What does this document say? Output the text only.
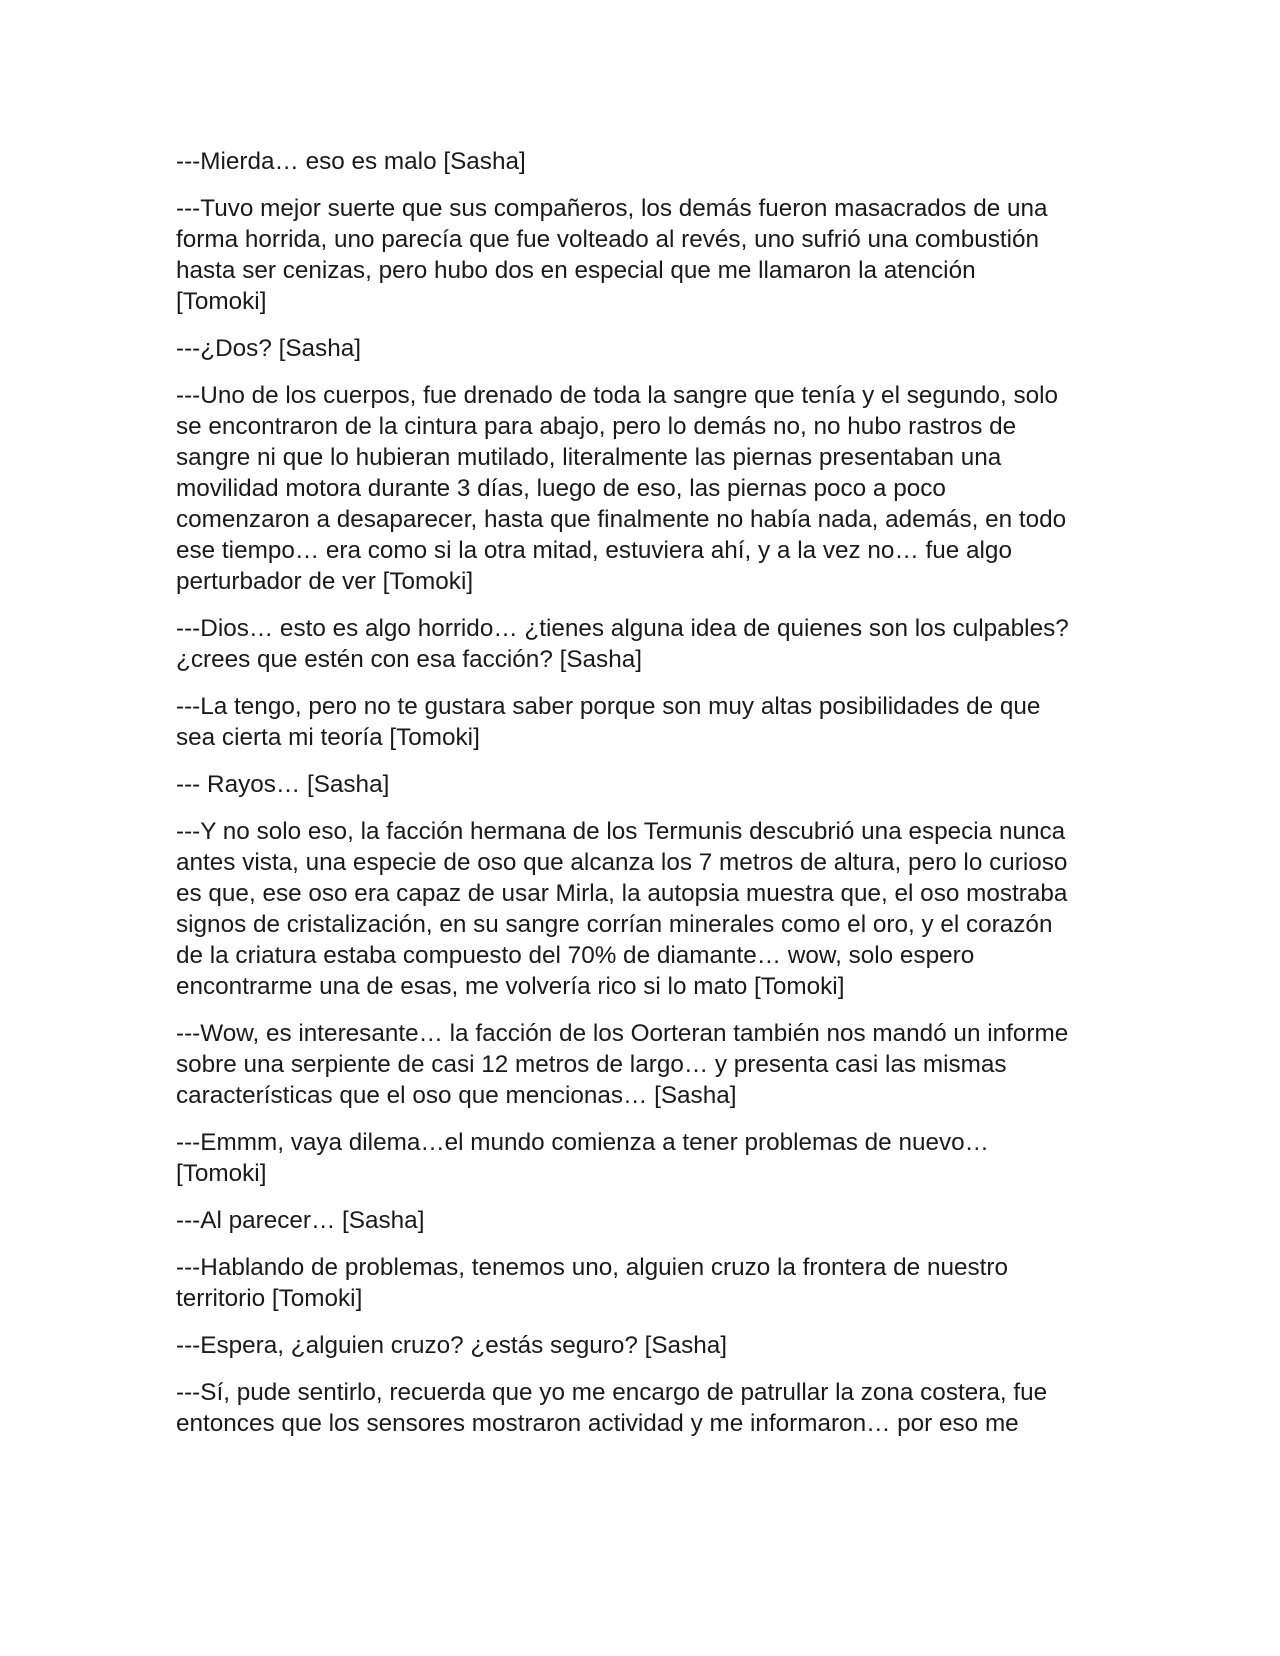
---Mierda… eso es malo [Sasha]

---Tuvo mejor suerte que sus compañeros, los demás fueron masacrados de una
forma horrida, uno parecía que fue volteado al revés, uno sufrió una combustión
hasta ser cenizas, pero hubo dos en especial que me llamaron la atención
[Tomoki]

---¿Dos? [Sasha]

---Uno de los cuerpos, fue drenado de toda la sangre que tenía y el segundo, solo
se encontraron de la cintura para abajo, pero lo demás no, no hubo rastros de
sangre ni que lo hubieran mutilado, literalmente las piernas presentaban una
movilidad motora durante 3 días, luego de eso, las piernas poco a poco
comenzaron a desaparecer, hasta que finalmente no había nada, además, en todo
ese tiempo… era como si la otra mitad, estuviera ahí, y a la vez no… fue algo
perturbador de ver [Tomoki]

---Dios… esto es algo horrido… ¿tienes alguna idea de quienes son los culpables?
¿crees que estén con esa facción? [Sasha]

---La tengo, pero no te gustara saber porque son muy altas posibilidades de que
sea cierta mi teoría [Tomoki]

--- Rayos… [Sasha]

---Y no solo eso, la facción hermana de los Termunis descubrió una especia nunca
antes vista, una especie de oso que alcanza los 7 metros de altura, pero lo curioso
es que, ese oso era capaz de usar Mirla, la autopsia muestra que, el oso mostraba
signos de cristalización, en su sangre corrían minerales como el oro, y el corazón
de la criatura estaba compuesto del 70% de diamante… wow, solo espero
encontrarme una de esas, me volvería rico si lo mato [Tomoki]

---Wow, es interesante… la facción de los Oorteran también nos mandó un informe
sobre una serpiente de casi 12 metros de largo… y presenta casi las mismas
características que el oso que mencionas… [Sasha]

---Emmm, vaya dilema…el mundo comienza a tener problemas de nuevo…
[Tomoki]

---Al parecer… [Sasha]

---Hablando de problemas, tenemos uno, alguien cruzo la frontera de nuestro
territorio [Tomoki]

---Espera, ¿alguien cruzo? ¿estás seguro? [Sasha]

---Sí, pude sentirlo, recuerda que yo me encargo de patrullar la zona costera, fue
entonces que los sensores mostraron actividad y me informaron… por eso me
